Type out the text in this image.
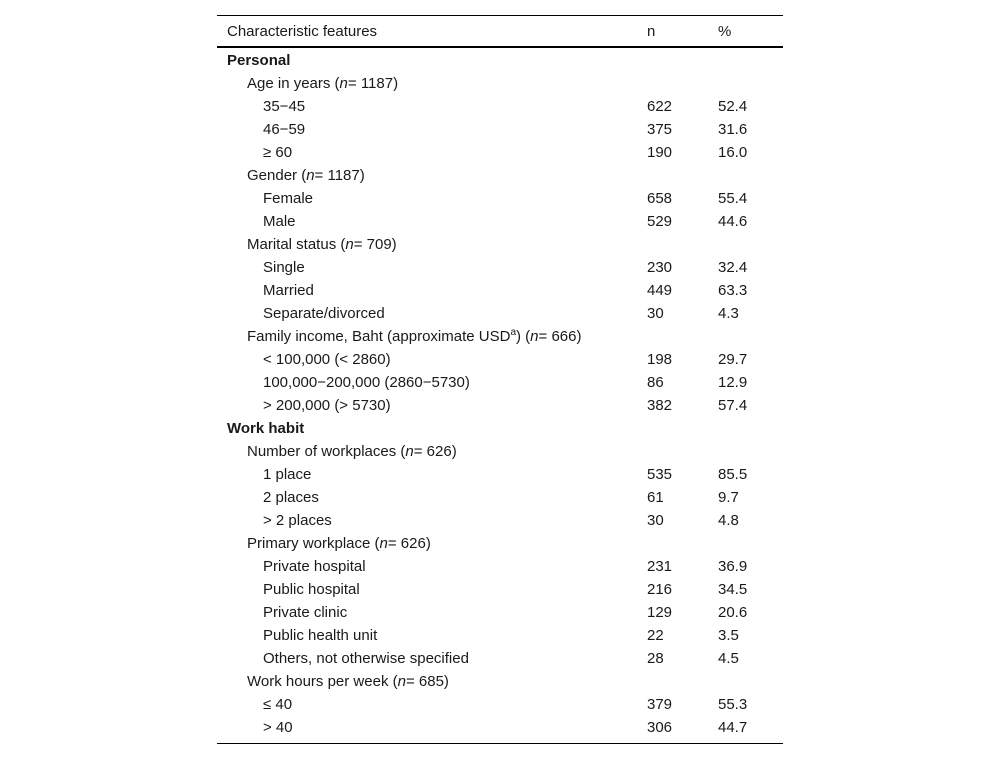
Characteristic features	n	%
Personal
Age in years (n= 1187)
35−45	622	52.4
46−59	375	31.6
≥ 60	190	16.0
Gender (n= 1187)
Female	658	55.4
Male	529	44.6
Marital status (n= 709)
Single	230	32.4
Married	449	63.3
Separate/divorced	30	4.3
Family income, Baht (approximate USD$^a$) (n= 666)
< 100,000 (< 2860)	198	29.7
100,000−200,000 (2860−5730)	86	12.9
> 200,000 (> 5730)	382	57.4
Work habit
Number of workplaces (n= 626)
1 place	535	85.5
2 places	61	9.7
> 2 places	30	4.8
Primary workplace (n= 626)
Private hospital	231	36.9
Public hospital	216	34.5
Private clinic	129	20.6
Public health unit	22	3.5
Others, not otherwise specified	28	4.5
Work hours per week (n= 685)
≤ 40	379	55.3
> 40	306	44.7
